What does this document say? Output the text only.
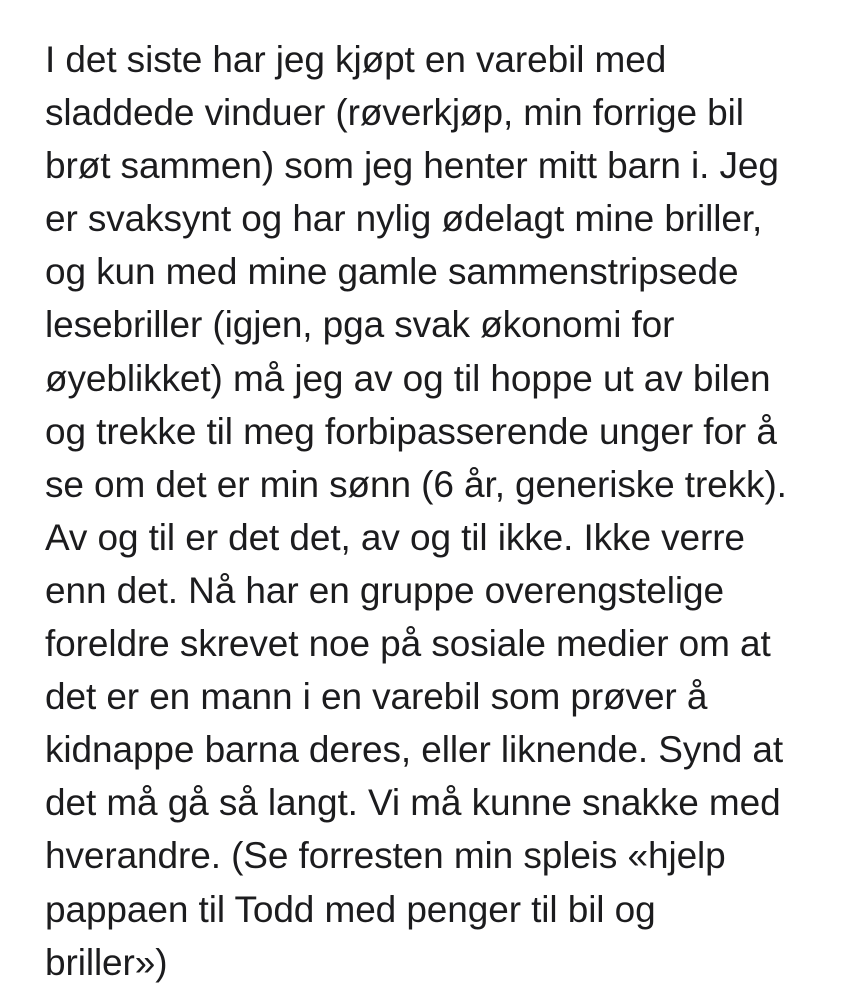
I det siste har jeg kjøpt en varebil med
sladdede vinduer (røverkjøp, min forrige bil
brøt sammen) som jeg henter mitt barn i. Jeg
er svaksynt og har nylig ødelagt mine briller,
og kun med mine gamle sammenstripsede
lesebriller (igjen, pga svak økonomi for
øyeblikket) må jeg av og til hoppe ut av bilen
og trekke til meg forbipasserende unger for å
se om det er min sønn (6 år, generiske trekk).
Av og til er det det, av og til ikke. Ikke verre
enn det. Nå har en gruppe overengstelige
foreldre skrevet noe på sosiale medier om at
det er en mann i en varebil som prøver å
kidnappe barna deres, eller liknende. Synd at
det må gå så langt. Vi må kunne snakke med
hverandre. (Se forresten min spleis «hjelp
pappaen til Todd med penger til bil og
briller»)
